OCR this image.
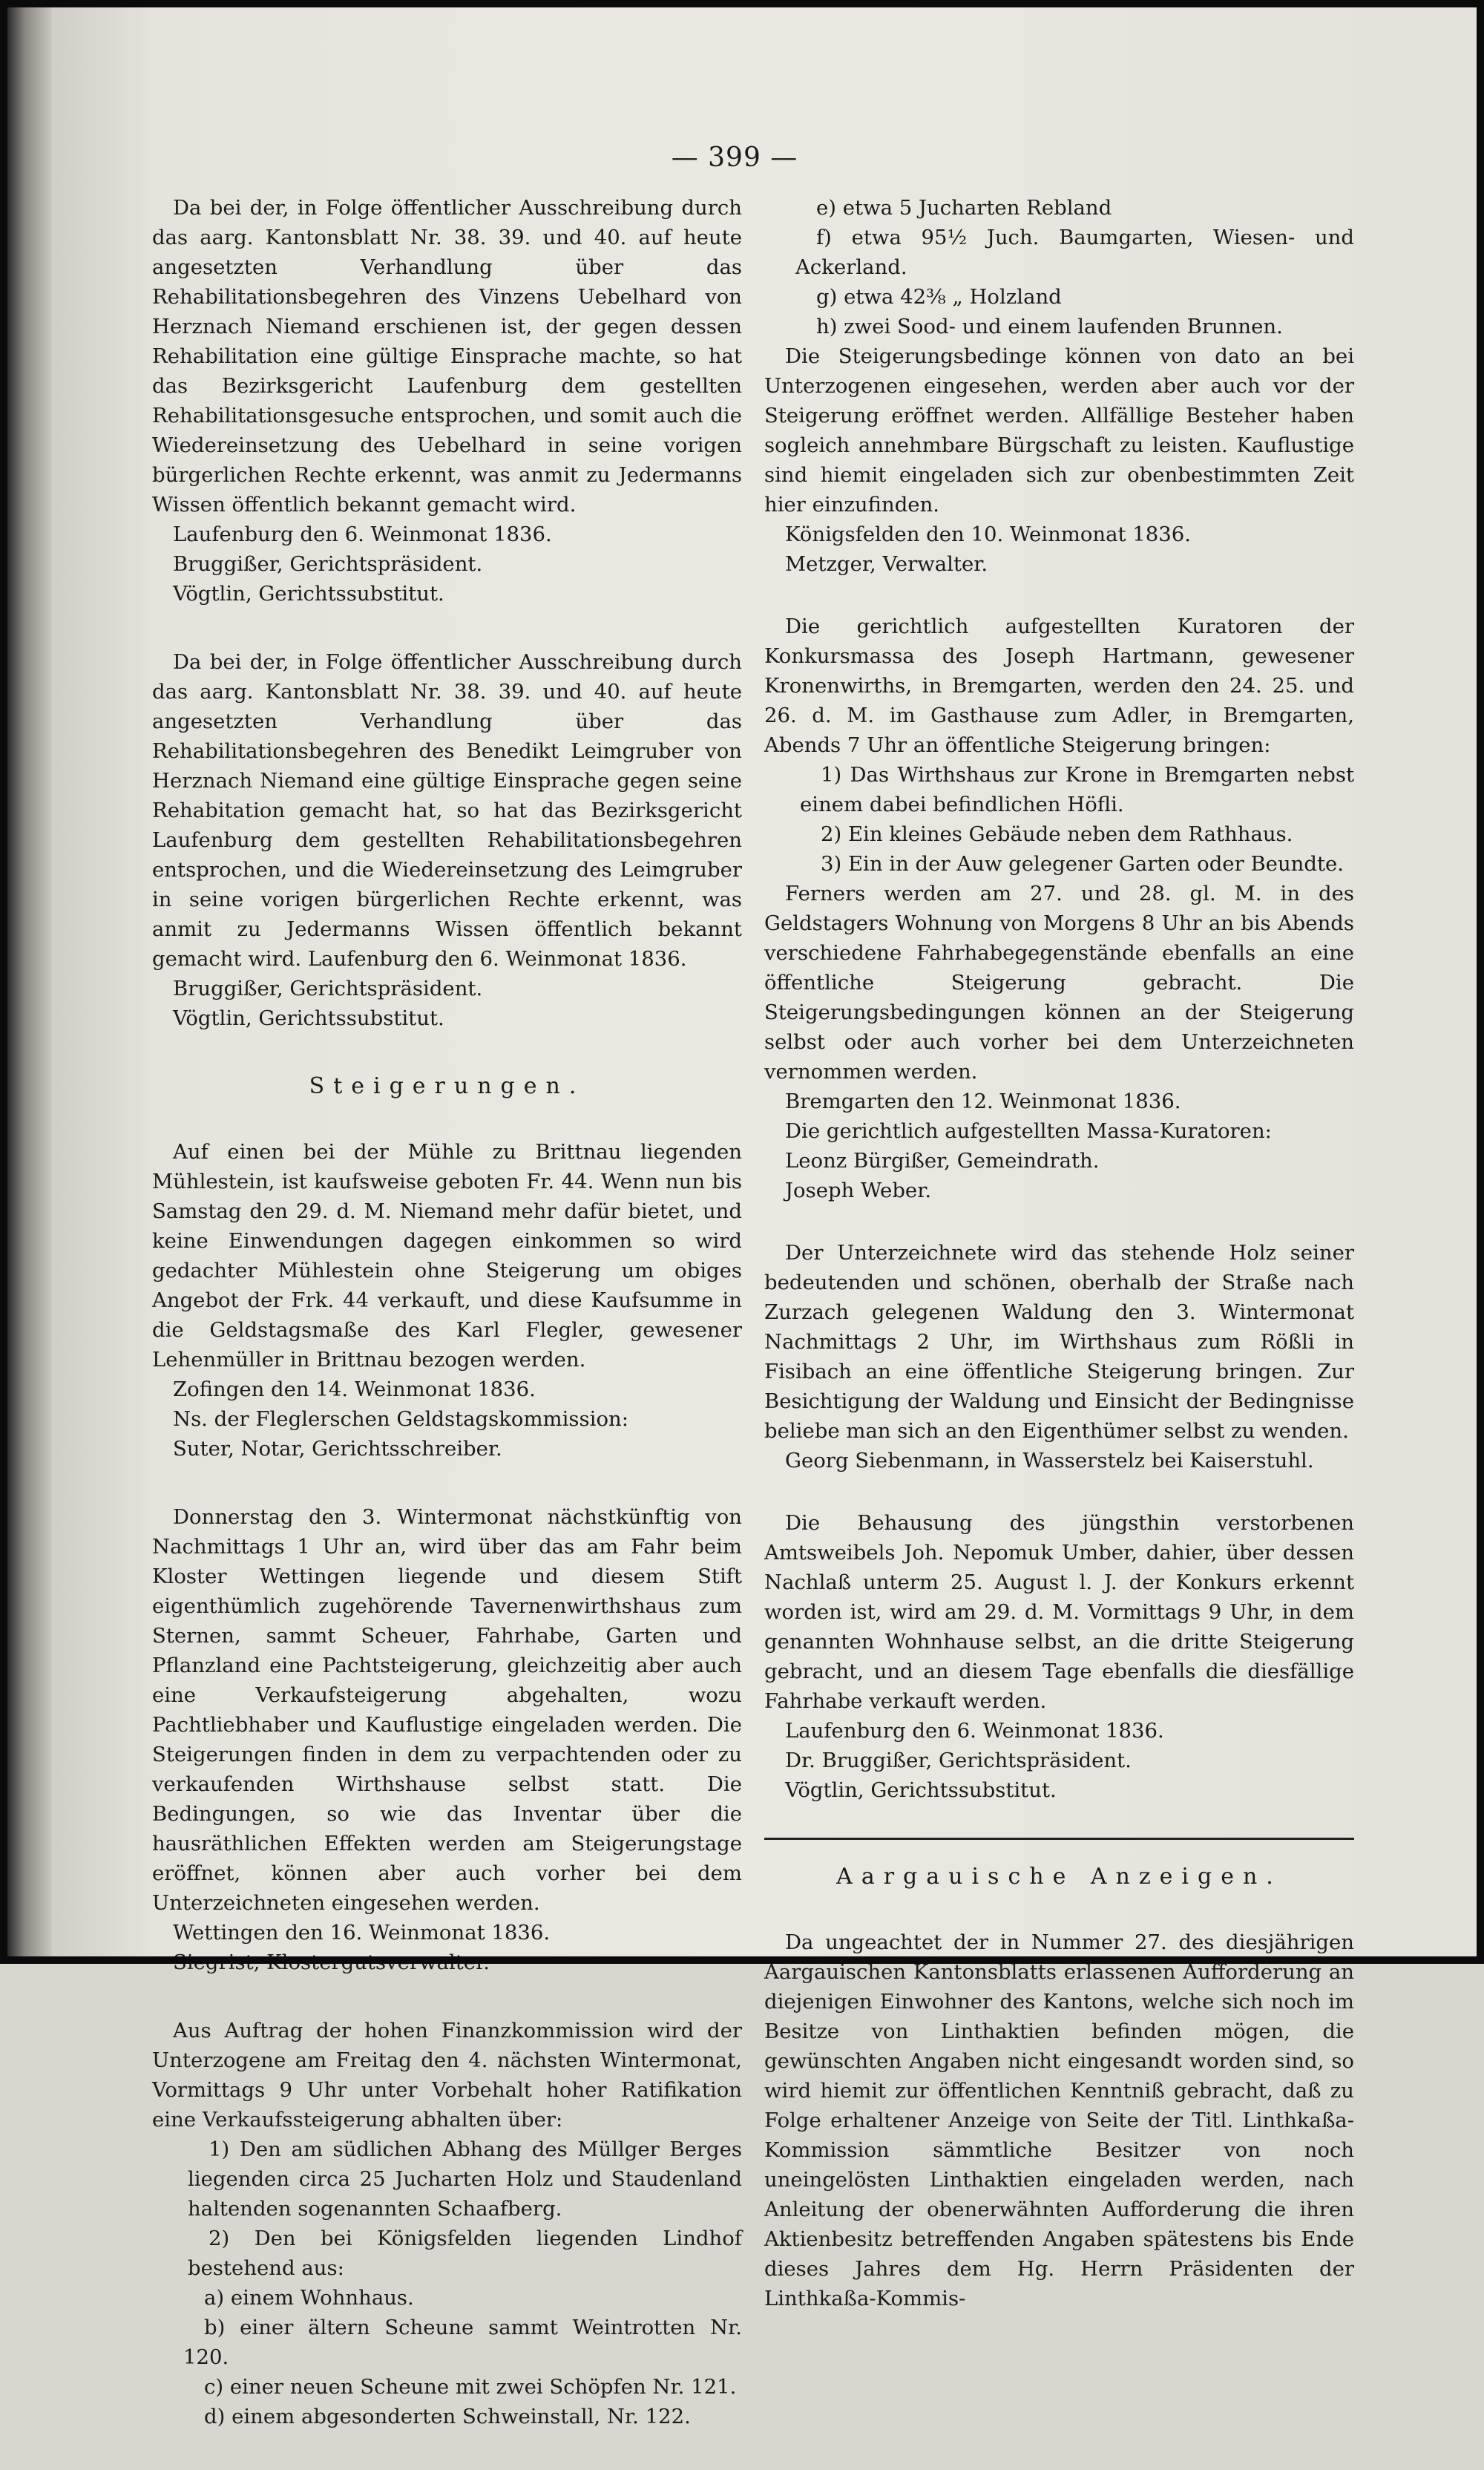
— 399 —

Da bei der, in Folge öffentlicher Ausschreibung durch das aarg. Kantonsblatt Nr. 38. 39. und 40. auf heute angesetzten Verhandlung über das Rehabilitationsbegehren des Vinzens Uebelhard von Herznach Niemand erschienen ist, der gegen dessen Rehabilitation eine gültige Einsprache machte, so hat das Bezirksgericht Laufenburg dem gestellten Rehabilitationsgesuche entsprochen, und somit auch die Wiedereinsetzung des Uebelhard in seine vorigen bürgerlichen Rechte erkennt, was anmit zu Jedermanns Wissen öffentlich bekannt gemacht wird.

Laufenburg den 6. Weinmonat 1836.

Bruggißer, Gerichtspräsident.

Vögtlin, Gerichtssubstitut.

Da bei der, in Folge öffentlicher Ausschreibung durch das aarg. Kantonsblatt Nr. 38. 39. und 40. auf heute angesetzten Verhandlung über das Rehabilitationsbegehren des Benedikt Leimgruber von Herznach Niemand eine gültige Einsprache gegen seine Rehabitation gemacht hat, so hat das Bezirksgericht Laufenburg dem gestellten Rehabilitationsbegehren entsprochen, und die Wiedereinsetzung des Leimgruber in seine vorigen bürgerlichen Rechte erkennt, was anmit zu Jedermanns Wissen öffentlich bekannt gemacht wird. Laufenburg den 6. Weinmonat 1836.

Bruggißer, Gerichtspräsident.

Vögtlin, Gerichtssubstitut.

Steigerungen.

Auf einen bei der Mühle zu Brittnau liegenden Mühlestein, ist kaufsweise geboten Fr. 44. Wenn nun bis Samstag den 29. d. M. Niemand mehr dafür bietet, und keine Einwendungen dagegen einkommen so wird gedachter Mühlestein ohne Steigerung um obiges Angebot der Frk. 44 verkauft, und diese Kaufsumme in die Geldstagsmaße des Karl Flegler, gewesener Lehenmüller in Brittnau bezogen werden.

Zofingen den 14. Weinmonat 1836.

Ns. der Fleglerschen Geldstagskommission:

Suter, Notar, Gerichtsschreiber.

Donnerstag den 3. Wintermonat nächstkünftig von Nachmittags 1 Uhr an, wird über das am Fahr beim Kloster Wettingen liegende und diesem Stift eigenthümlich zugehörende Tavernenwirthshaus zum Sternen, sammt Scheuer, Fahrhabe, Garten und Pflanzland eine Pachtsteigerung, gleichzeitig aber auch eine Verkaufsteigerung abgehalten, wozu Pachtliebhaber und Kauflustige eingeladen werden. Die Steigerungen finden in dem zu verpachtenden oder zu verkaufenden Wirthshause selbst statt. Die Bedingungen, so wie das Inventar über die hausräthlichen Effekten werden am Steigerungstage eröffnet, können aber auch vorher bei dem Unterzeichneten eingesehen werden.

Wettingen den 16. Weinmonat 1836.

Siegrist, Klostergutsverwalter.

Aus Auftrag der hohen Finanzkommission wird der Unterzogene am Freitag den 4. nächsten Wintermonat, Vormittags 9 Uhr unter Vorbehalt hoher Ratifikation eine Verkaufssteigerung abhalten über:

1) Den am südlichen Abhang des Müllger Berges liegenden circa 25 Jucharten Holz und Staudenland haltenden sogenannten Schaafberg.

2) Den bei Königsfelden liegenden Lindhof bestehend aus:

a) einem Wohnhaus.

b) einer ältern Scheune sammt Weintrotten Nr. 120.

c) einer neuen Scheune mit zwei Schöpfen Nr. 121.

d) einem abgesonderten Schweinstall, Nr. 122.

e) etwa 5 Jucharten Rebland

f) etwa 95½ Juch. Baumgarten, Wiesen- und Ackerland.

g) etwa 42⅜ „ Holzland

h) zwei Sood- und einem laufenden Brunnen.

Die Steigerungsbedinge können von dato an bei Unterzogenen eingesehen, werden aber auch vor der Steigerung eröffnet werden. Allfällige Besteher haben sogleich annehmbare Bürgschaft zu leisten. Kauflustige sind hiemit eingeladen sich zur obenbestimmten Zeit hier einzufinden.

Königsfelden den 10. Weinmonat 1836.

Metzger, Verwalter.

Die gerichtlich aufgestellten Kuratoren der Konkursmassa des Joseph Hartmann, gewesener Kronenwirths, in Bremgarten, werden den 24. 25. und 26. d. M. im Gasthause zum Adler, in Bremgarten, Abends 7 Uhr an öffentliche Steigerung bringen:

1) Das Wirthshaus zur Krone in Bremgarten nebst einem dabei befindlichen Höfli.

2) Ein kleines Gebäude neben dem Rathhaus.

3) Ein in der Auw gelegener Garten oder Beundte.

Ferners werden am 27. und 28. gl. M. in des Geldstagers Wohnung von Morgens 8 Uhr an bis Abends verschiedene Fahrhabegegenstände ebenfalls an eine öffentliche Steigerung gebracht. Die Steigerungsbedingungen können an der Steigerung selbst oder auch vorher bei dem Unterzeichneten vernommen werden.

Bremgarten den 12. Weinmonat 1836.

Die gerichtlich aufgestellten Massa-Kuratoren:

Leonz Bürgißer, Gemeindrath.

Joseph Weber.

Der Unterzeichnete wird das stehende Holz seiner bedeutenden und schönen, oberhalb der Straße nach Zurzach gelegenen Waldung den 3. Wintermonat Nachmittags 2 Uhr, im Wirthshaus zum Rößli in Fisibach an eine öffentliche Steigerung bringen. Zur Besichtigung der Waldung und Einsicht der Bedingnisse beliebe man sich an den Eigenthümer selbst zu wenden.

Georg Siebenmann, in Wasserstelz bei Kaiserstuhl.

Die Behausung des jüngsthin verstorbenen Amtsweibels Joh. Nepomuk Umber, dahier, über dessen Nachlaß unterm 25. August l. J. der Konkurs erkennt worden ist, wird am 29. d. M. Vormittags 9 Uhr, in dem genannten Wohnhause selbst, an die dritte Steigerung gebracht, und an diesem Tage ebenfalls die diesfällige Fahrhabe verkauft werden.

Laufenburg den 6. Weinmonat 1836.

Dr. Bruggißer, Gerichtspräsident.

Vögtlin, Gerichtssubstitut.

Aargauische Anzeigen.

Da ungeachtet der in Nummer 27. des diesjährigen Aargauischen Kantonsblatts erlassenen Aufforderung an diejenigen Einwohner des Kantons, welche sich noch im Besitze von Linthaktien befinden mögen, die gewünschten Angaben nicht eingesandt worden sind, so wird hiemit zur öffentlichen Kenntniß gebracht, daß zu Folge erhaltener Anzeige von Seite der Titl. Linthkaßa-Kommission sämmtliche Besitzer von noch uneingelösten Linthaktien eingeladen werden, nach Anleitung der obenerwähnten Aufforderung die ihren Aktienbesitz betreffenden Angaben spätestens bis Ende dieses Jahres dem Hg. Herrn Präsidenten der Linthkaßa-Kommis-
